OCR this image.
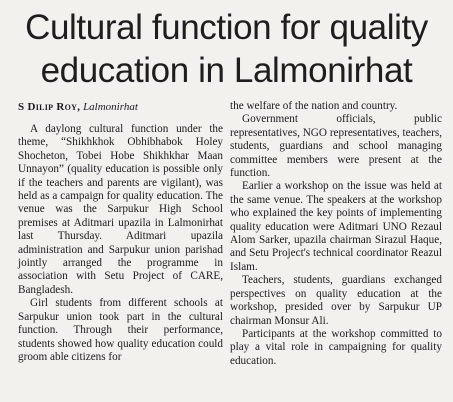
Cultural function for quality
education in Lalmonirhat
S Dilip Roy, Lalmonirhat

A daylong cultural function under the theme, “Shikhkhok Obhibhabok Holey Shocheton, Tobei Hobe Shikhkhar Maan Unnayon” (quality education is possible only if the teachers and parents are vigilant), was held as a campaign for quality education. The venue was the Sarpukur High School premises at Aditmari upazila in Lalmonirhat last Thursday. Aditmari upazila administration and Sarpukur union parishad jointly arranged the programme in association with Setu Project of CARE, Bangladesh.

Girl students from different schools at Sarpukur union took part in the cultural function. Through their performance, students showed how quality education could groom able citizens for

the welfare of the nation and country.

Government officials, public representatives, NGO representatives, teachers, students, guardians and school managing committee members were present at the function.

Earlier a workshop on the issue was held at the same venue. The speakers at the workshop who explained the key points of implementing quality education were Aditmari UNO Rezaul Alom Sarker, upazila chairman Sirazul Haque, and Setu Project's technical coordinator Reazul Islam.

Teachers, students, guardians exchanged perspectives on quality education at the workshop, presided over by Sarpukur UP chairman Monsur Ali.

Participants at the workshop committed to play a vital role in campaigning for quality education.
